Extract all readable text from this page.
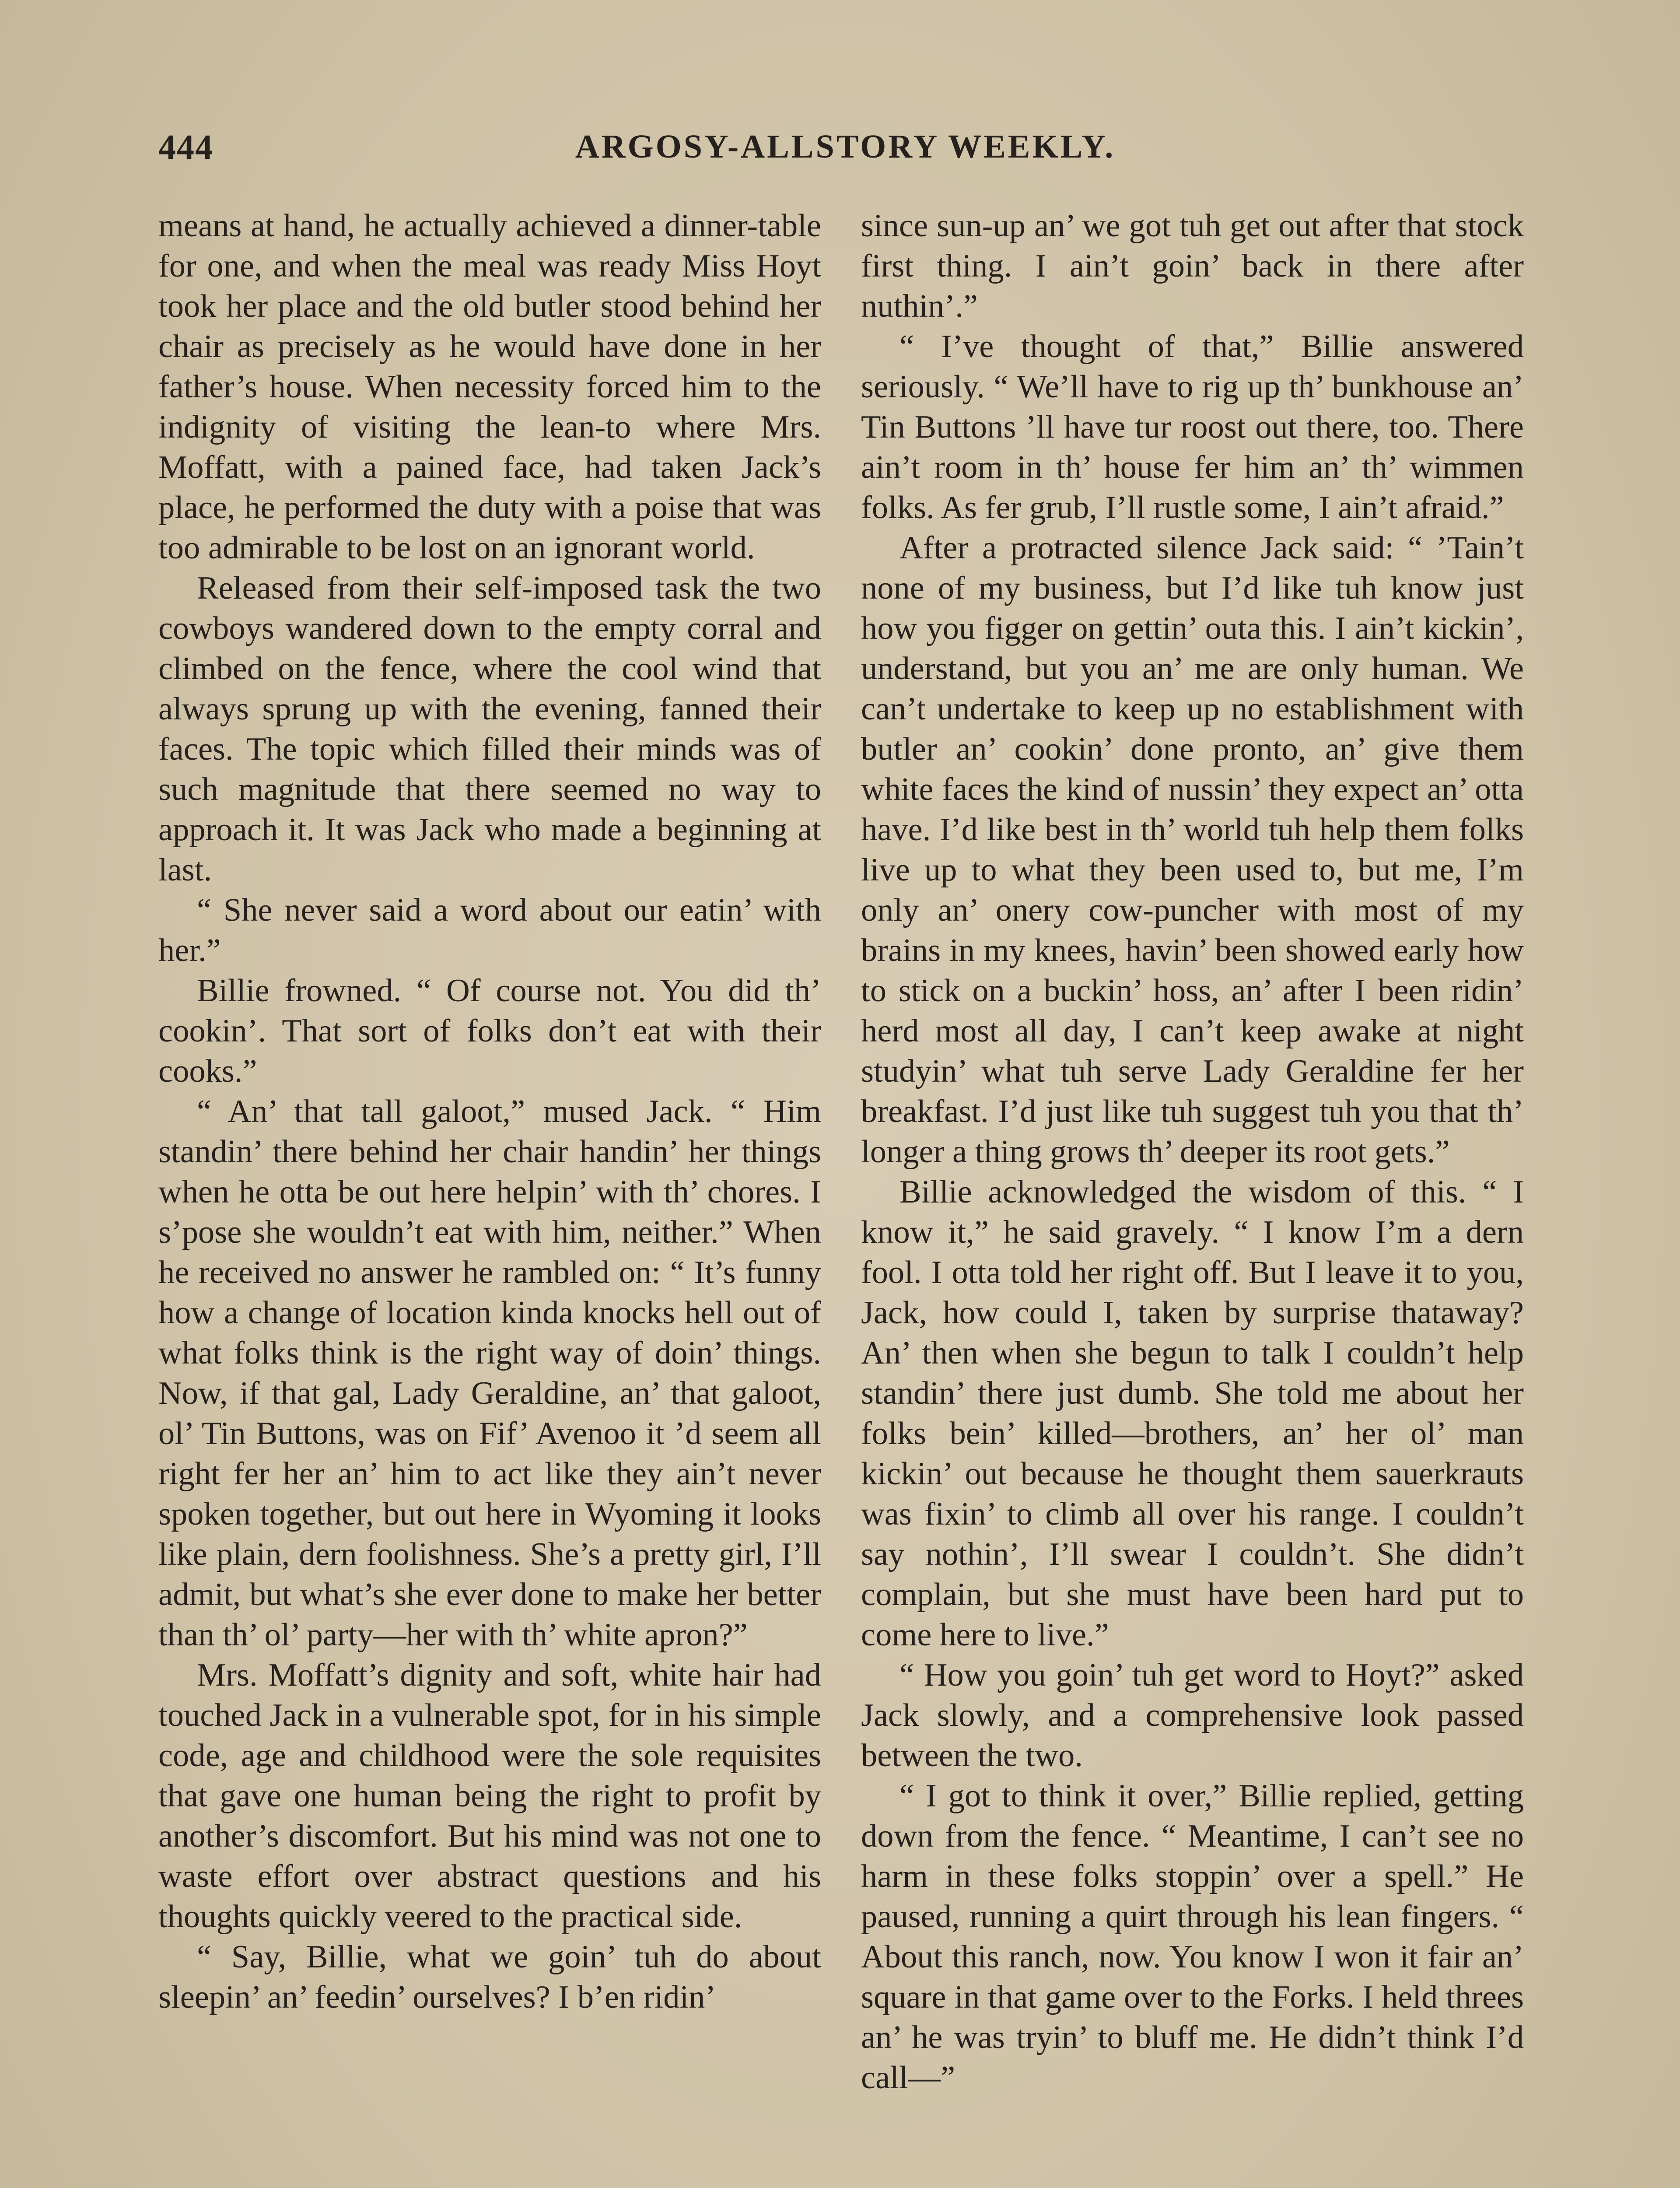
444	ARGOSY-ALLSTORY WEEKLY.

means at hand, he actually achieved a dinner-table for one, and when the meal was ready Miss Hoyt took her place and the old butler stood behind her chair as precisely as he would have done in her father’s house. When necessity forced him to the indignity of visiting the lean-to where Mrs. Moffatt, with a pained face, had taken Jack’s place, he performed the duty with a poise that was too admirable to be lost on an ignorant world.

Released from their self-imposed task the two cowboys wandered down to the empty corral and climbed on the fence, where the cool wind that always sprung up with the evening, fanned their faces. The topic which filled their minds was of such magnitude that there seemed no way to approach it. It was Jack who made a beginning at last.

“ She never said a word about our eatin’ with her.”

Billie frowned. “ Of course not. You did th’ cookin’. That sort of folks don’t eat with their cooks.”

“ An’ that tall galoot,” mused Jack. “ Him standin’ there behind her chair handin’ her things when he otta be out here helpin’ with th’ chores. I s’pose she wouldn’t eat with him, neither.” When he received no answer he rambled on: “ It’s funny how a change of location kinda knocks hell out of what folks think is the right way of doin’ things. Now, if that gal, Lady Geraldine, an’ that galoot, ol’ Tin Buttons, was on Fif’ Avenoo it ’d seem all right fer her an’ him to act like they ain’t never spoken together, but out here in Wyoming it looks like plain, dern foolishness. She’s a pretty girl, I’ll admit, but what’s she ever done to make her better than th’ ol’ party—her with th’ white apron?”

Mrs. Moffatt’s dignity and soft, white hair had touched Jack in a vulnerable spot, for in his simple code, age and childhood were the sole requisites that gave one human being the right to profit by another’s discomfort. But his mind was not one to waste effort over abstract questions and his thoughts quickly veered to the practical side.

“ Say, Billie, what we goin’ tuh do about sleepin’ an’ feedin’ ourselves? I b’en ridin’

since sun-up an’ we got tuh get out after that stock first thing. I ain’t goin’ back in there after nuthin’.”

“ I’ve thought of that,” Billie answered seriously. “ We’ll have to rig up th’ bunkhouse an’ Tin Buttons ’ll have tur roost out there, too. There ain’t room in th’ house fer him an’ th’ wimmen folks. As fer grub, I’ll rustle some, I ain’t afraid.”

After a protracted silence Jack said: “ ’Tain’t none of my business, but I’d like tuh know just how you figger on gettin’ outa this. I ain’t kickin’, understand, but you an’ me are only human. We can’t undertake to keep up no establishment with butler an’ cookin’ done pronto, an’ give them white faces the kind of nussin’ they expect an’ otta have. I’d like best in th’ world tuh help them folks live up to what they been used to, but me, I’m only an’ onery cow-puncher with most of my brains in my knees, havin’ been showed early how to stick on a buckin’ hoss, an’ after I been ridin’ herd most all day, I can’t keep awake at night studyin’ what tuh serve Lady Geraldine fer her breakfast. I’d just like tuh suggest tuh you that th’ longer a thing grows th’ deeper its root gets.”

Billie acknowledged the wisdom of this. “ I know it,” he said gravely. “ I know I’m a dern fool. I otta told her right off. But I leave it to you, Jack, how could I, taken by surprise thataway? An’ then when she begun to talk I couldn’t help standin’ there just dumb. She told me about her folks bein’ killed—brothers, an’ her ol’ man kickin’ out because he thought them sauerkrauts was fixin’ to climb all over his range. I couldn’t say nothin’, I’ll swear I couldn’t. She didn’t complain, but she must have been hard put to come here to live.”

“ How you goin’ tuh get word to Hoyt?” asked Jack slowly, and a comprehensive look passed between the two.

“ I got to think it over,” Billie replied, getting down from the fence. “ Meantime, I can’t see no harm in these folks stoppin’ over a spell.” He paused, running a quirt through his lean fingers. “ About this ranch, now. You know I won it fair an’ square in that game over to the Forks. I held threes an’ he was tryin’ to bluff me. He didn’t think I’d call—”
